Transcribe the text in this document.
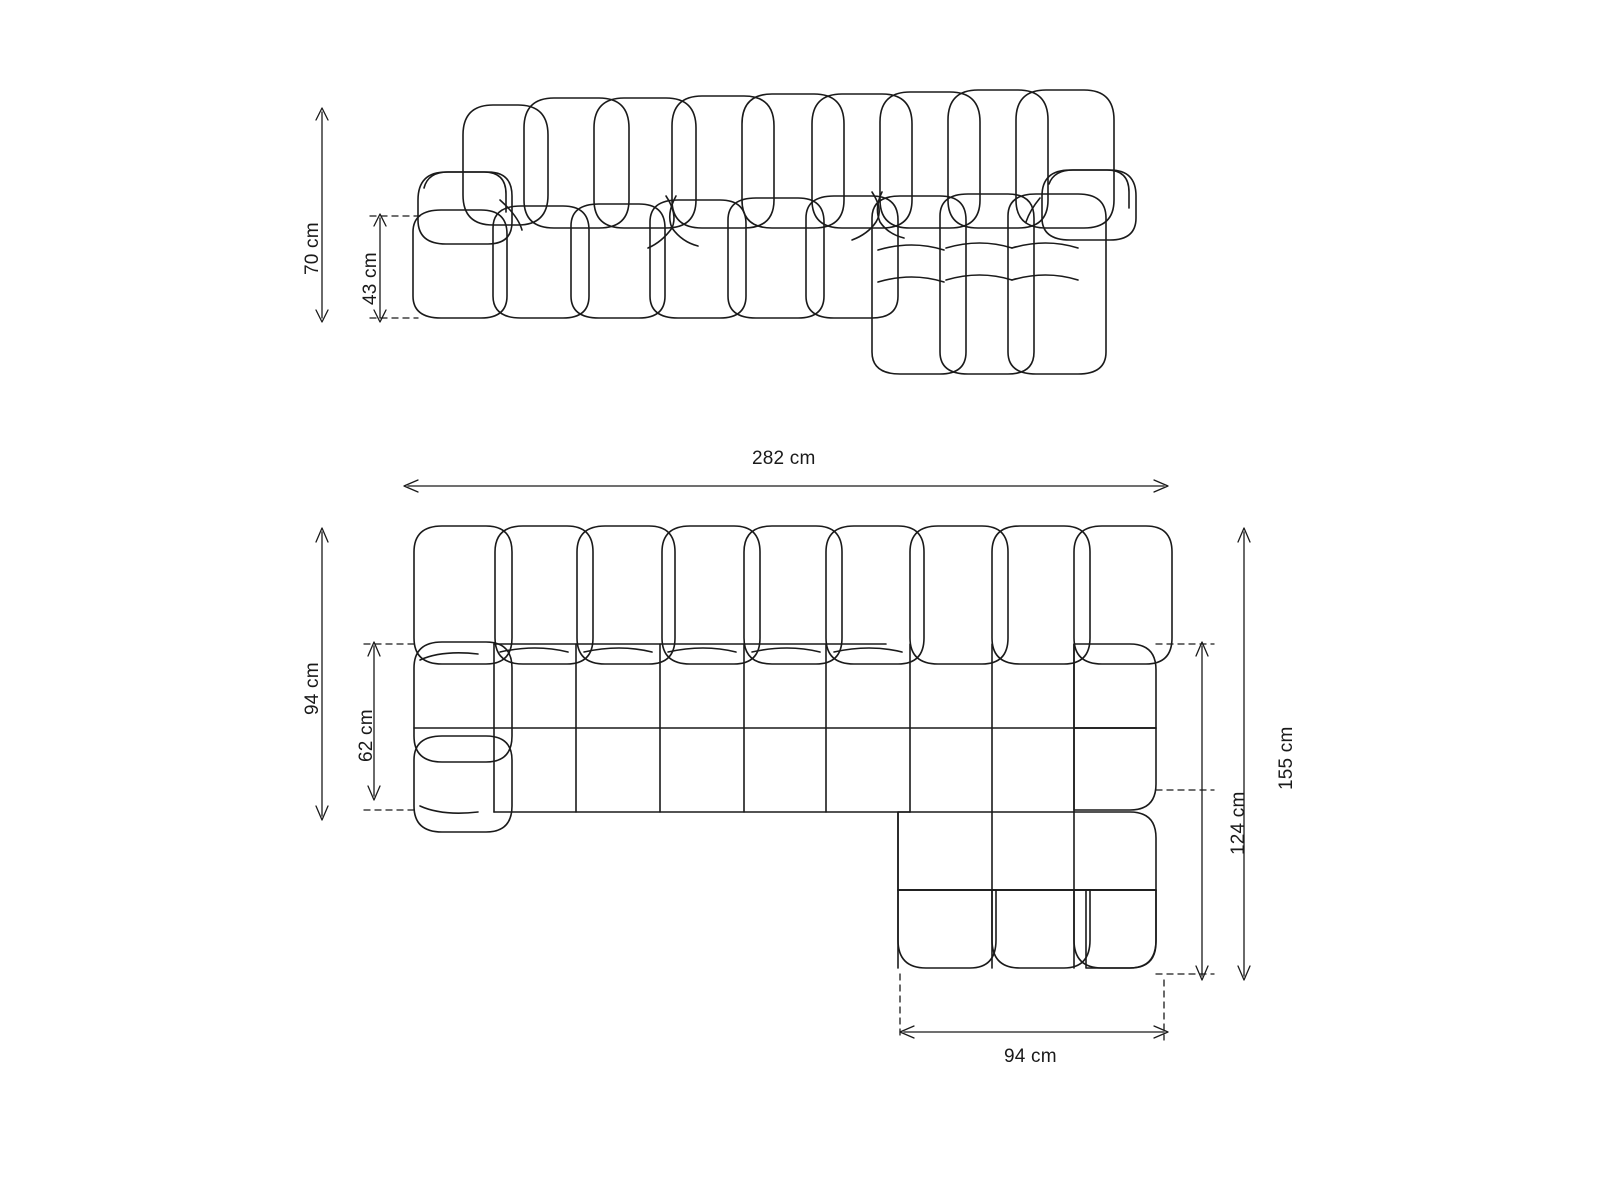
70 cm
43 cm
282 cm
94 cm
62 cm	155 cm
124 cm
94 cm
